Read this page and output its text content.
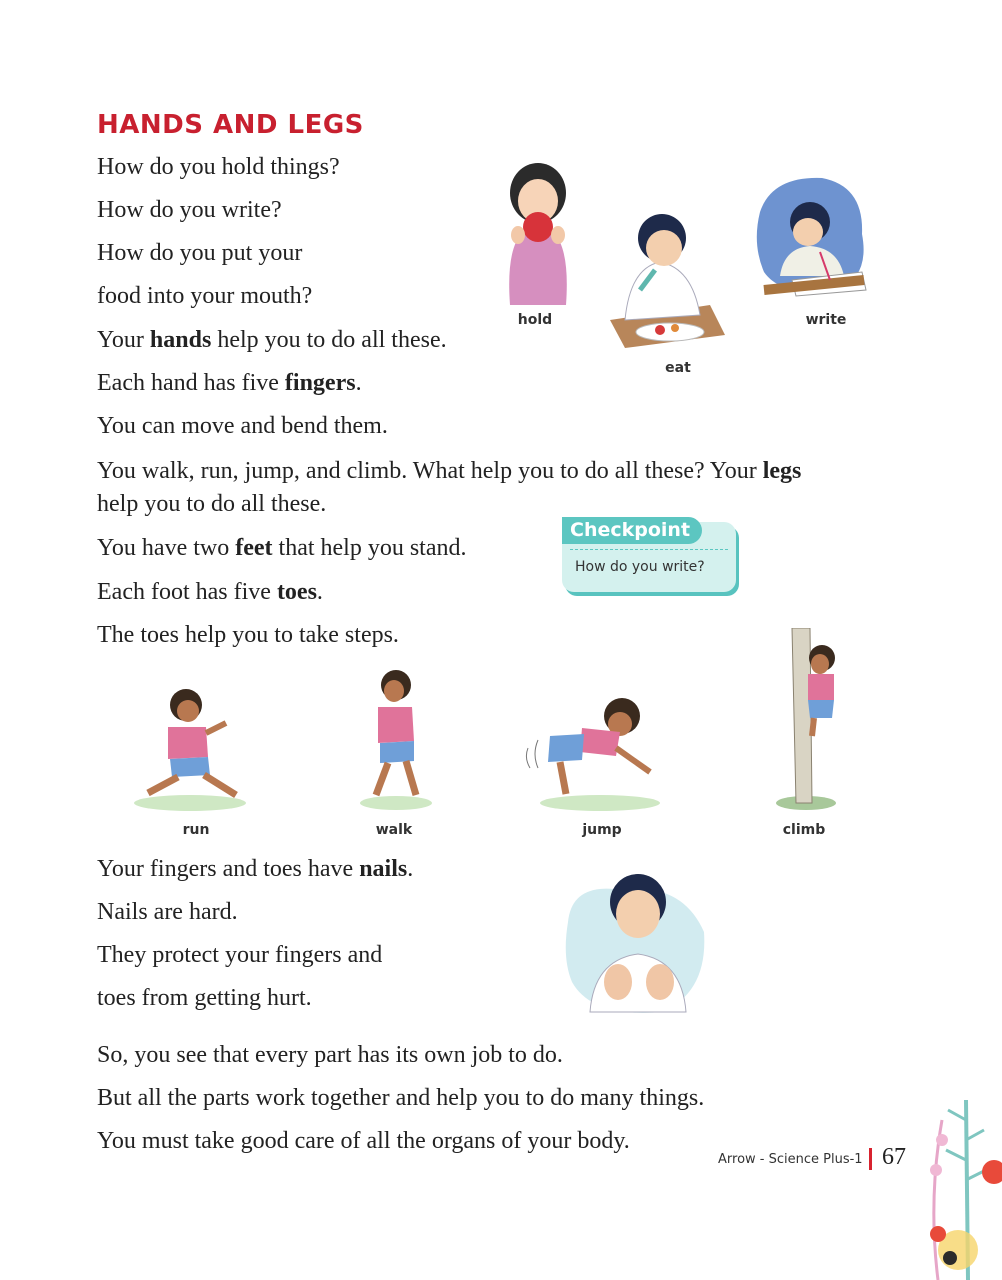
HANDS AND LEGS
How do you hold things?
How do you write?
How do you put your
food into your mouth?
Your hands help you to do all these.
Each hand has five fingers.
You can move and bend them.
You walk, run, jump, and climb. What help you to do all these? Your legs
help you to do all these.
You have two feet that help you stand.
Each foot has five toes.
The toes help you to take steps.
hold
eat
write
Checkpoint
How do you write?
run	walk	jump	climb
Your fingers and toes have nails.
Nails are hard.
They protect your fingers and
toes from getting hurt.
So, you see that every part has its own job to do.
But all the parts work together and help you to do many things.
You must take good care of all the organs of your body.
Arrow - Science Plus-1 67
